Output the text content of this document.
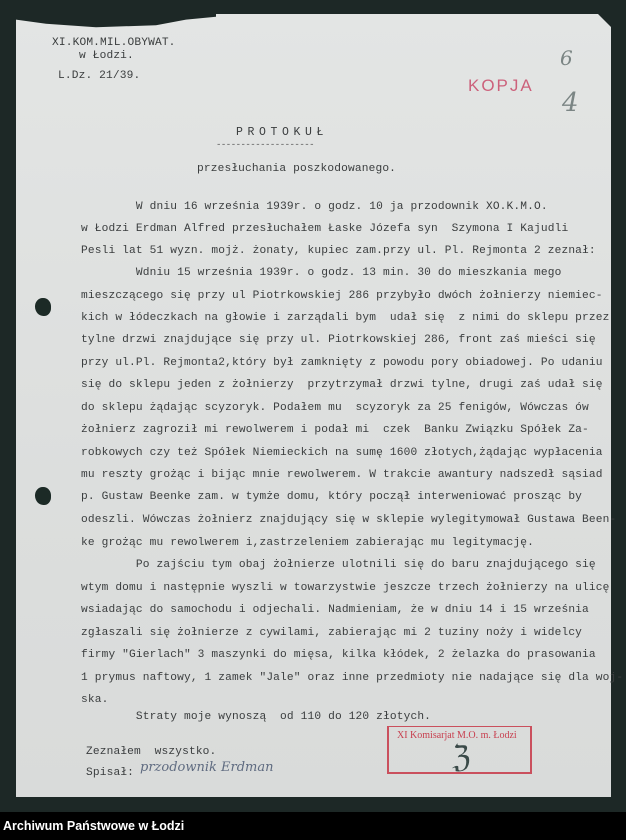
XI.KOM.MIL.OBYWAT.
w Łodzi.
L.Dz. 21/39.	KOPJA
6
4
PROTOKUŁ
--------------------
przesłuchania poszkodowanego.
W dniu 16 września 1939r. o godz. 10 ja przodownik XO.K.M.O.
w Łodzi Erdman Alfred przesłuchałem Łaske Józefa syn  Szymona I Kajudli
Pesli lat 51 wyzn. mojż. żonaty, kupiec zam.przy ul. Pl. Rejmonta 2 zeznał:
Wdniu 15 września 1939r. o godz. 13 min. 30 do mieszkania mego
mieszczącego się przy ul Piotrkowskiej 286 przybyło dwóch żołnierzy niemiec-
kich w łódeczkach na głowie i zarządali bym  udał się  z nimi do sklepu przez
tylne drzwi znajdujące się przy ul. Piotrkowskiej 286, front zaś mieści się
przy ul.Pl. Rejmonta2,który był zamknięty z powodu pory obiadowej. Po udaniu
się do sklepu jeden z żołnierzy  przytrzymał drzwi tylne, drugi zaś udał się
do sklepu żądając scyzoryk. Podałem mu  scyzoryk za 25 fenigów, Wówczas ów
żołnierz zagroził mi rewolwerem i podał mi  czek  Banku Związku Spółek Za-
robkowych czy też Spółek Niemieckich na sumę 1600 złotych,żądając wypłacenia
mu reszty grożąc i bijąc mnie rewolwerem. W trakcie awantury nadszedł sąsiad
p. Gustaw Beenke zam. w tymże domu, który począł interweniować prosząc by
odeszli. Wówczas żołnierz znajdujący się w sklepie wylegitymował Gustawa Been-
ke grożąc mu rewolwerem i,zastrzeleniem zabierając mu legitymację.
Po zajściu tym obaj żołnierze ulotnili się do baru znajdującego się
wtym domu i następnie wyszli w towarzystwie jeszcze trzech żołnierzy na ulicę
wsiadając do samochodu i odjechali. Nadmieniam, że w dniu 14 i 15 września
zgłaszali się żołnierze z cywilami, zabierając mi 2 tuziny noży i widelcy
firmy "Gierlach" 3 maszynki do mięsa, kilka kłódek, 2 żelazka do prasowania
1 prymus naftowy, 1 zamek "Jale" oraz inne przedmioty nie nadające się dla woj-
ska.
Straty moje wynoszą  od 110 do 120 złotych.
Zeznałem  wszystko.
Spisał: przodownik Erdman
XI Komisarjat M.O. m. Łodzi
ℨ
Archiwum Państwowe w Łodzi
